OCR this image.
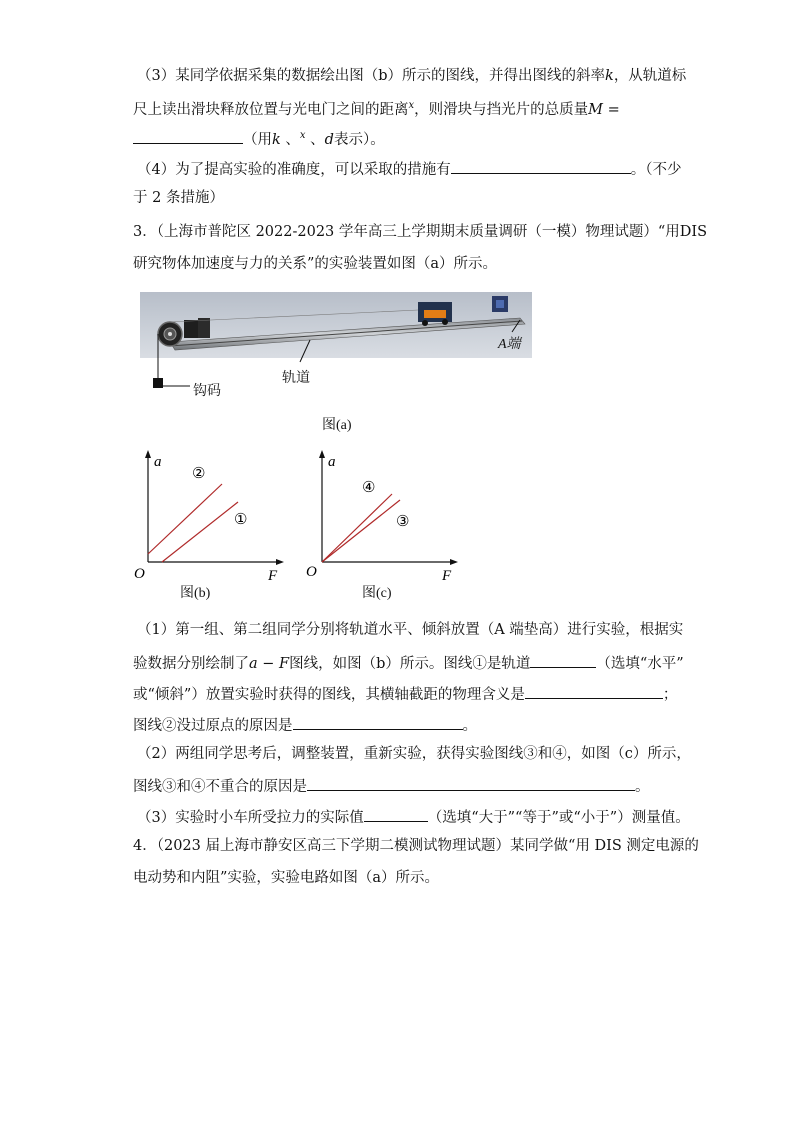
（3）某同学依据采集的数据绘出图（b）所示的图线，并得出图线的斜率k，从轨道标
尺上读出滑块释放位置与光电门之间的距离$^x$，则滑块与挡光片的总质量M =
（用k 、$^x$ 、d表示）。
（4）为了提高实验的准确度，可以采取的措施有	。（不少
于 2 条措施）
3．（上海市普陀区 2022-2023 学年高三上学期期末质量调研（一模）物理试题）“用DIS
研究物体加速度与力的关系”的实验装置如图（a）所示。
钩码
轨道
A端
图(a)
a
②
①
O	F
图(b)
a
④
③
O	F
图(c)
（1）第一组、第二组同学分别将轨道水平、倾斜放置（A 端垫高）进行实验，根据实
验数据分别绘制了a − F图线，如图（b）所示。图线①是轨道	（选填“水平”
或“倾斜”）放置实验时获得的图线，其横轴截距的物理含义是	；
图线②没过原点的原因是	。
（2）两组同学思考后，调整装置，重新实验，获得实验图线③和④，如图（c）所示，
图线③和④不重合的原因是	。
（3）实验时小车所受拉力的实际值	（选填“大于”“等于”或“小于”）测量值。
4．（2023 届上海市静安区高三下学期二模测试物理试题）某同学做“用 DIS 测定电源的
电动势和内阻”实验，实验电路如图（a）所示。
